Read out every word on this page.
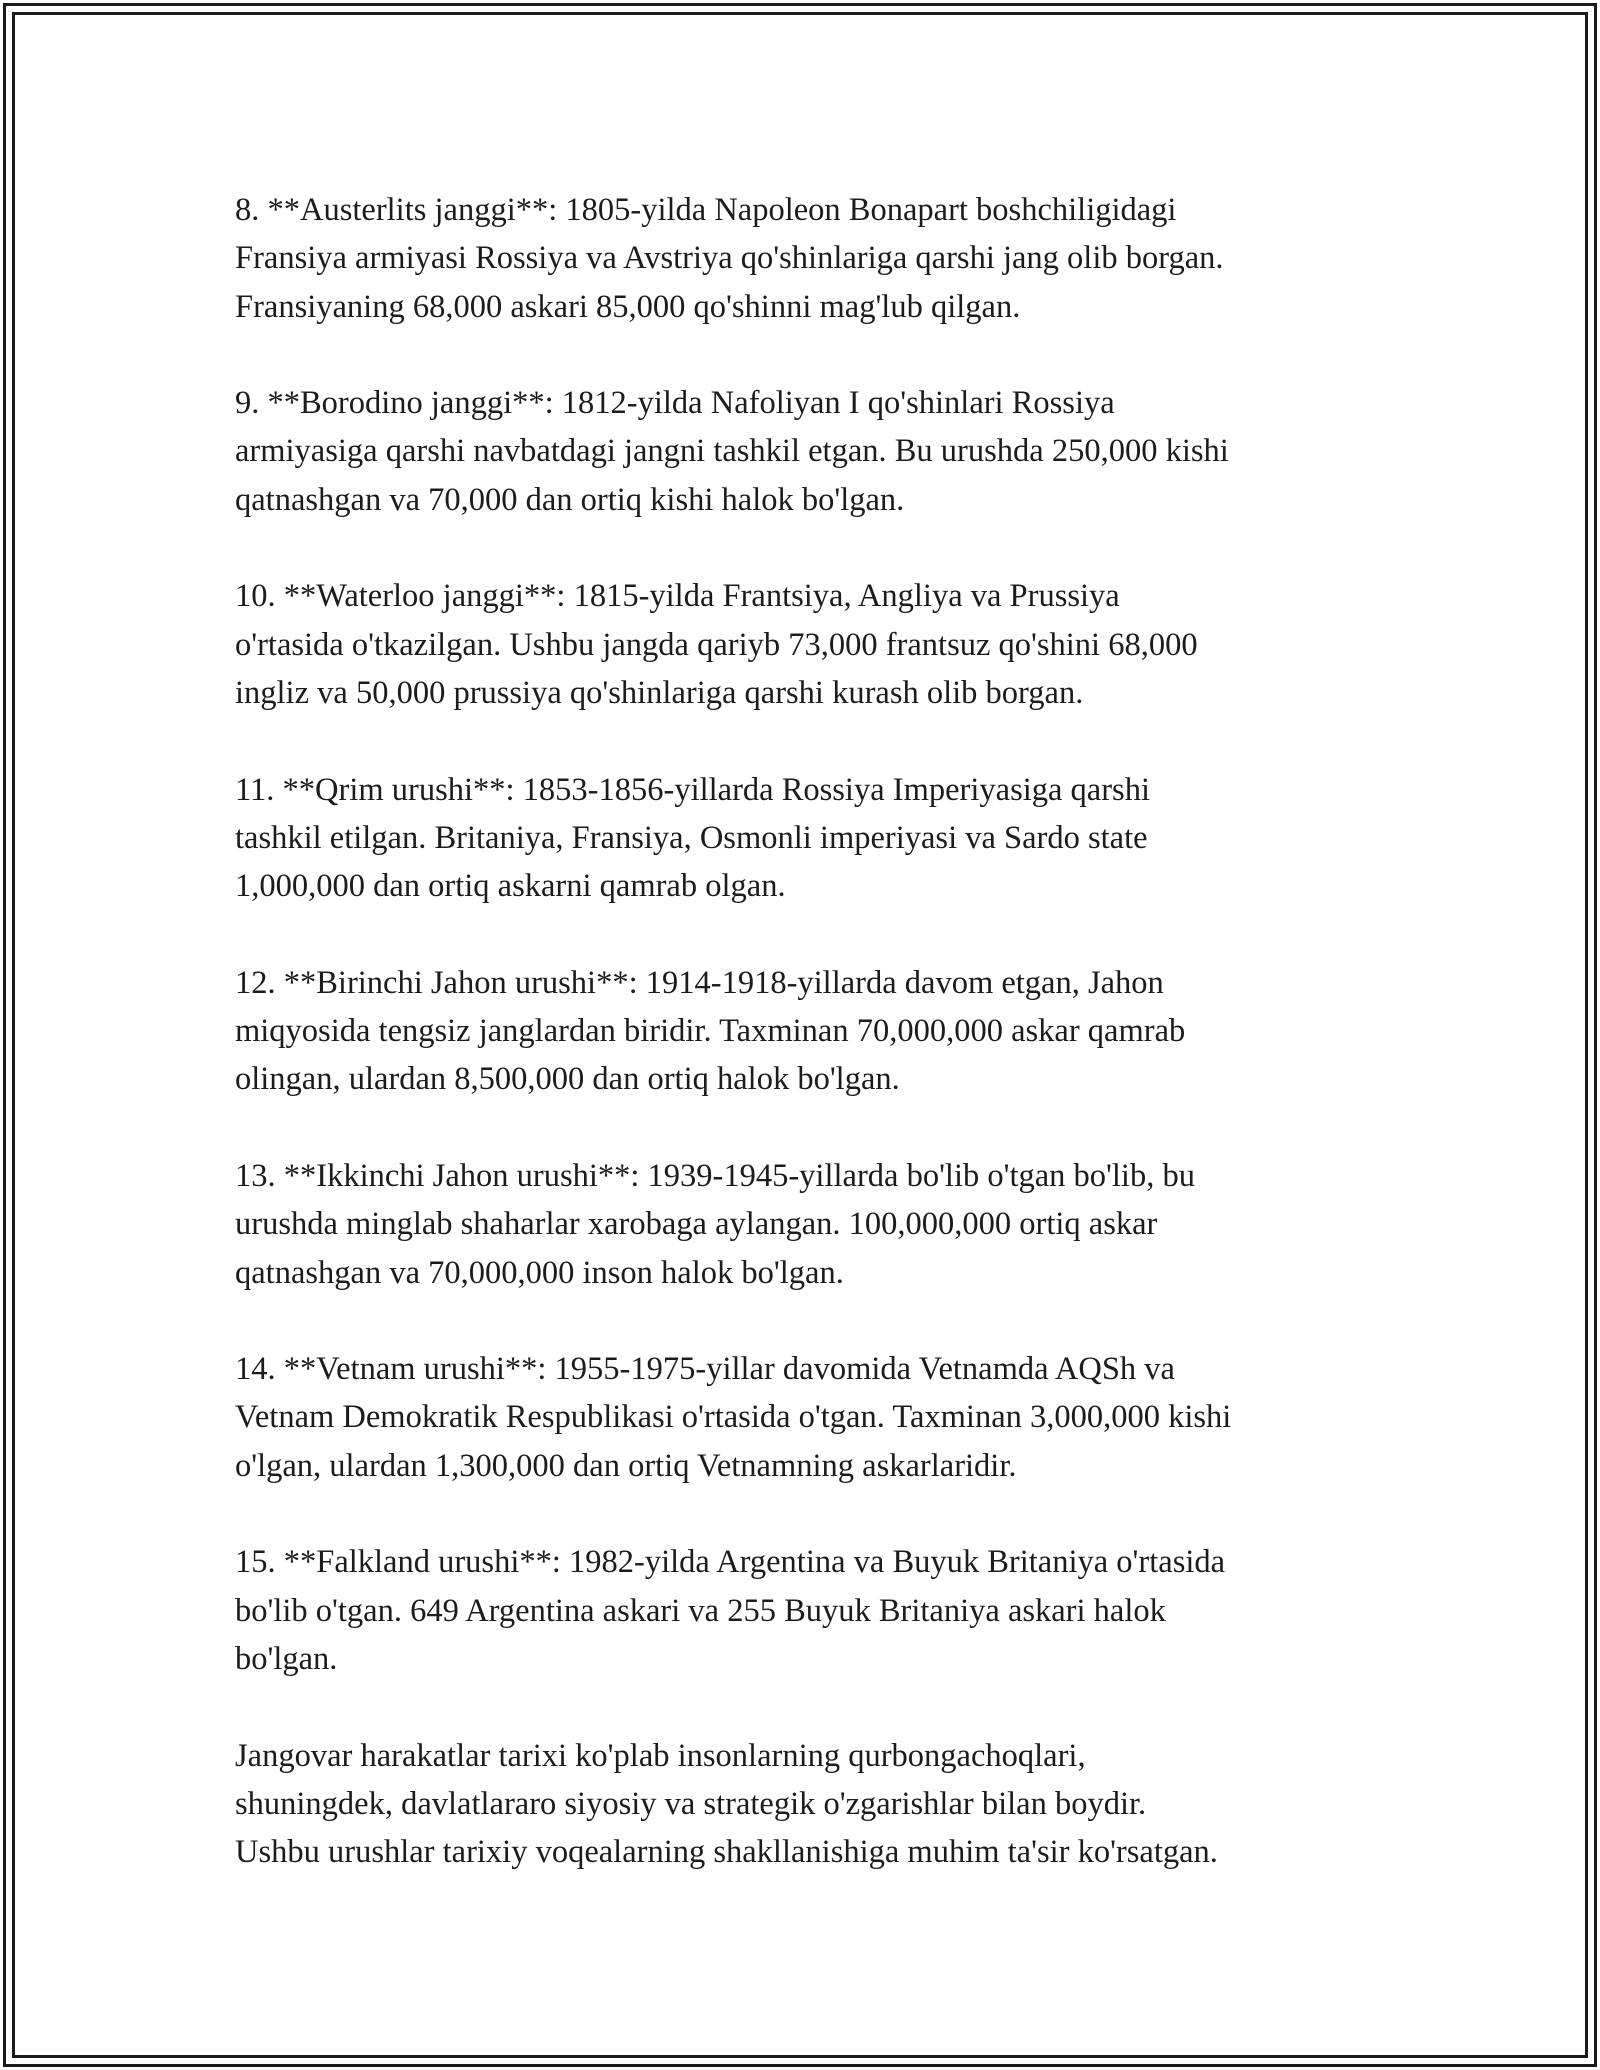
8. **Austerlits janggi**: 1805-yilda Napoleon Bonapart boshchiligidagi
Fransiya armiyasi Rossiya va Avstriya qo'shinlariga qarshi jang olib borgan.
Fransiyaning 68,000 askari 85,000 qo'shinni mag'lub qilgan.

9. **Borodino janggi**: 1812-yilda Nafoliyan I qo'shinlari Rossiya
armiyasiga qarshi navbatdagi jangni tashkil etgan. Bu urushda 250,000 kishi
qatnashgan va 70,000 dan ortiq kishi halok bo'lgan.

10. **Waterloo janggi**: 1815-yilda Frantsiya, Angliya va Prussiya
o'rtasida o'tkazilgan. Ushbu jangda qariyb 73,000 frantsuz qo'shini 68,000
ingliz va 50,000 prussiya qo'shinlariga qarshi kurash olib borgan.

11. **Qrim urushi**: 1853-1856-yillarda Rossiya Imperiyasiga qarshi
tashkil etilgan. Britaniya, Fransiya, Osmonli imperiyasi va Sardo state
1,000,000 dan ortiq askarni qamrab olgan.

12. **Birinchi Jahon urushi**: 1914-1918-yillarda davom etgan, Jahon
miqyosida tengsiz janglardan biridir. Taxminan 70,000,000 askar qamrab
olingan, ulardan 8,500,000 dan ortiq halok bo'lgan.

13. **Ikkinchi Jahon urushi**: 1939-1945-yillarda bo'lib o'tgan bo'lib, bu
urushda minglab shaharlar xarobaga aylangan. 100,000,000 ortiq askar
qatnashgan va 70,000,000 inson halok bo'lgan.

14. **Vetnam urushi**: 1955-1975-yillar davomida Vetnamda AQSh va
Vetnam Demokratik Respublikasi o'rtasida o'tgan. Taxminan 3,000,000 kishi
o'lgan, ulardan 1,300,000 dan ortiq Vetnamning askarlaridir.

15. **Falkland urushi**: 1982-yilda Argentina va Buyuk Britaniya o'rtasida
bo'lib o'tgan. 649 Argentina askari va 255 Buyuk Britaniya askari halok
bo'lgan.

Jangovar harakatlar tarixi ko'plab insonlarning qurbongachoqlari,
shuningdek, davlatlararo siyosiy va strategik o'zgarishlar bilan boydir.
Ushbu urushlar tarixiy voqealarning shakllanishiga muhim ta'sir ko'rsatgan.
